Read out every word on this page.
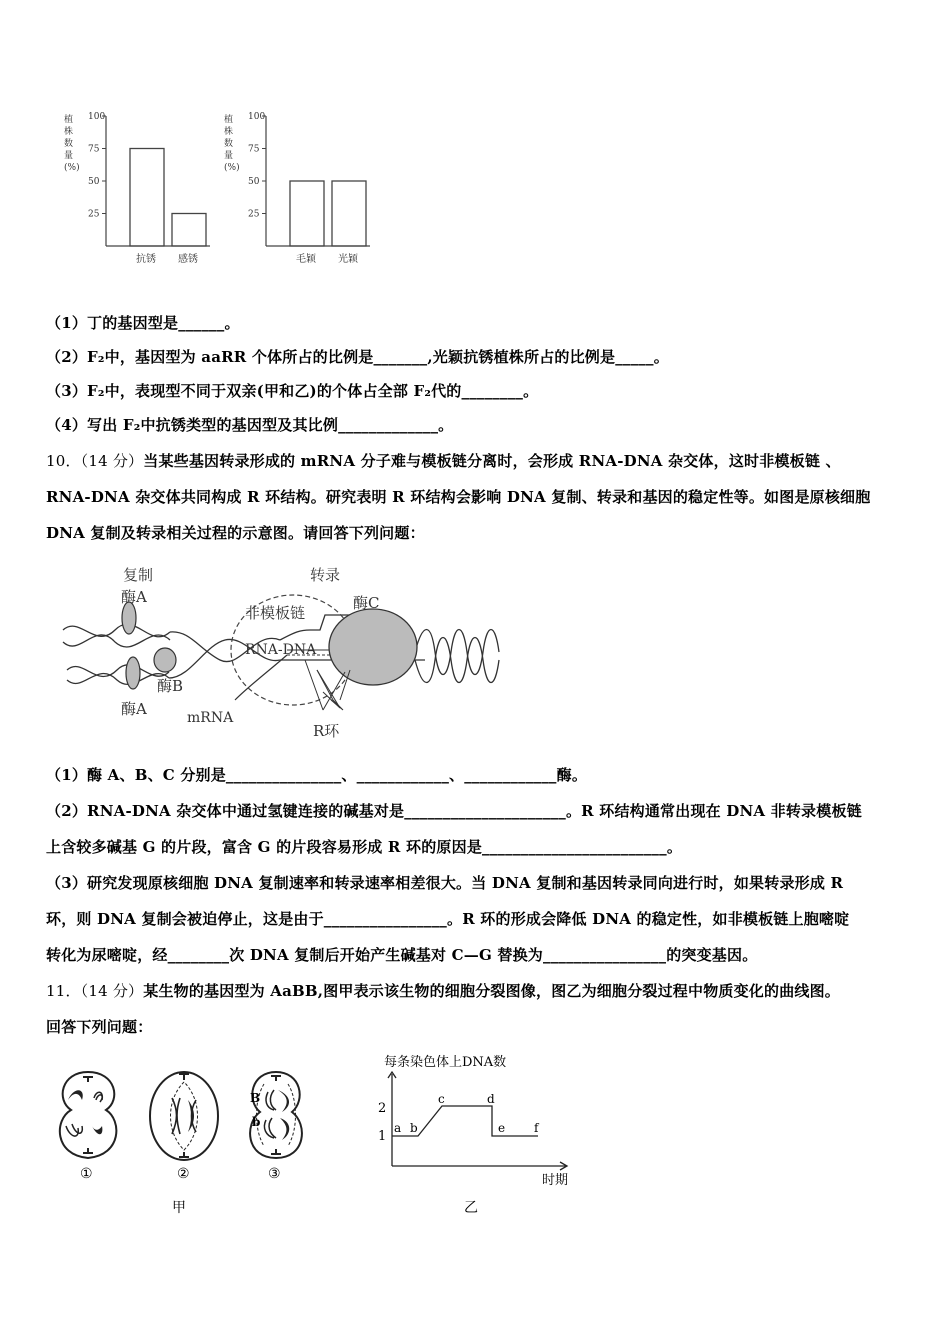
100
75
50
25
植
株
数
量
(%)
抗锈 感锈
100
75
50
25
植
株
数
量
(%)
毛颖 光颖
（1）丁的基因型是______。
（2）F₂中，基因型为 aaRR 个体所占的比例是_______,光颖抗锈植株所占的比例是_____。
（3）F₂中，表现型不同于双亲(甲和乙)的个体占全部 F₂代的________。
（4）写出 F₂中抗锈类型的基因型及其比例_____________。
10．（14 分）当某些基因转录形成的 mRNA 分子难与模板链分离时，会形成 RNA-DNA 杂交体，这时非模板链 、
RNA-DNA 杂交体共同构成 R 环结构。研究表明 R 环结构会影响 DNA 复制、转录和基因的稳定性等。如图是原核细胞
DNA 复制及转录相关过程的示意图。请回答下列问题：
复制	转录
酶A
酶A
酶B
酶C
非模板链
RNA-DNA
mRNA
R环
（1）酶 A、B、C 分别是_______________、____________、____________酶。
（2）RNA-DNA 杂交体中通过氢键连接的碱基对是_____________________。R 环结构通常出现在 DNA 非转录模板链
上含较多碱基 G 的片段，富含 G 的片段容易形成 R 环的原因是________________________。
（3）研究发现原核细胞 DNA 复制速率和转录速率相差很大。当 DNA 复制和基因转录同向进行时，如果转录形成 R
环，则 DNA 复制会被迫停止，这是由于________________。R 环的形成会降低 DNA 的稳定性，如非模板链上胞嘧啶
转化为尿嘧啶，经________次 DNA 复制后开始产生碱基对 C—G 替换为________________的突变基因。
11．（14 分）某生物的基因型为 AaBB,图甲表示该生物的细胞分裂图像，图乙为细胞分裂过程中物质变化的曲线图。
回答下列问题：
B
b
①	②	③
甲
每条染色体上DNA数
2
1
a b
c	d
e f
时期
乙
